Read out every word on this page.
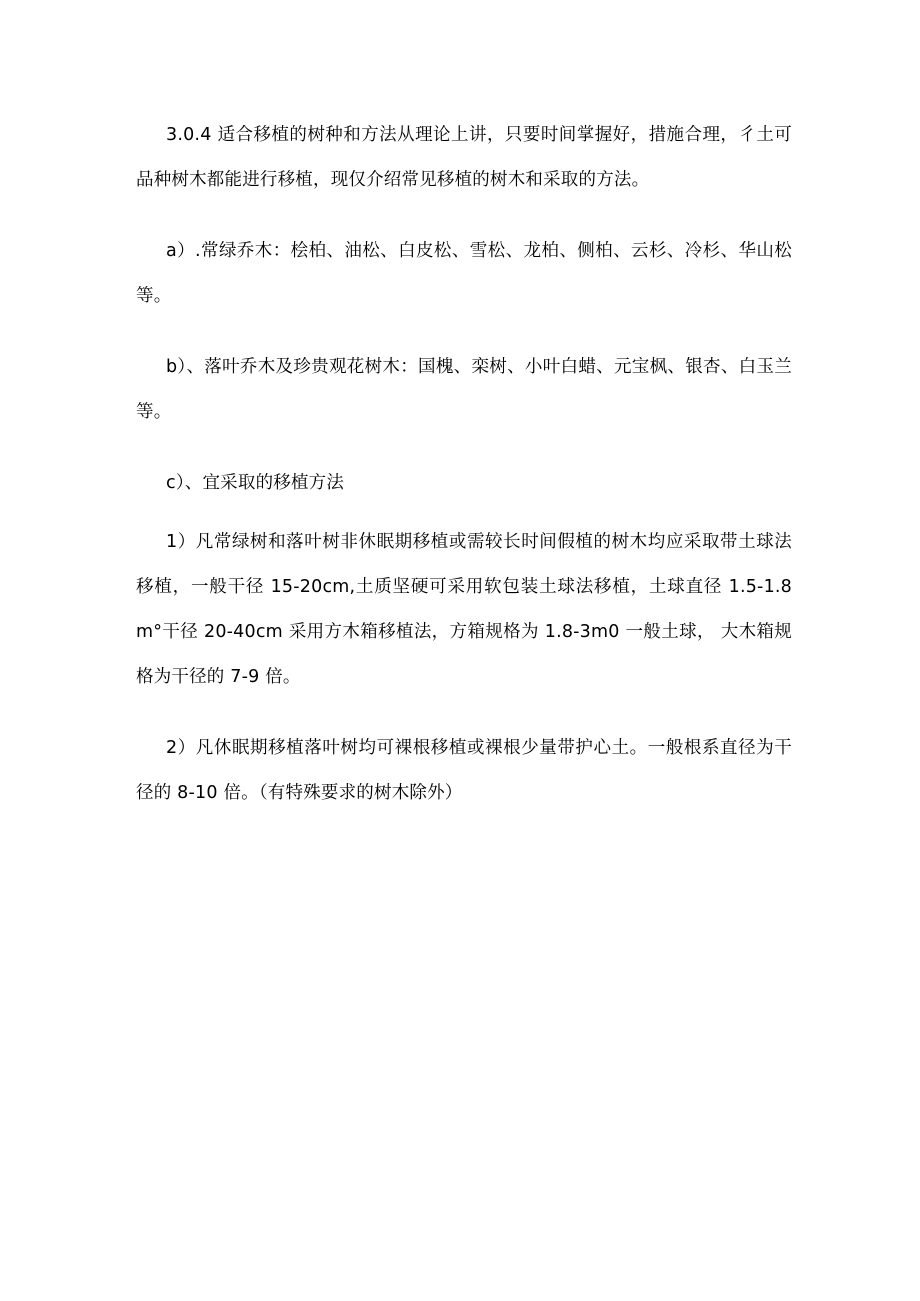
3.0.4 适合移植的树种和方法从理论上讲，只要时间掌握好，措施合理，彳土可品种树木都能进行移植，现仅介绍常见移植的树木和采取的方法。

a）.常绿乔木：桧柏、油松、白皮松、雪松、龙柏、侧柏、云杉、冷杉、华山松等。

b）、落叶乔木及珍贵观花树木：国槐、栾树、小叶白蜡、元宝枫、银杏、白玉兰等。

c）、宜采取的移植方法

1）凡常绿树和落叶树非休眠期移植或需较长时间假植的树木均应采取带土球法移植，一般干径 15-20cm,土质坚硬可采用软包装土球法移植，土球直径 1.5-1.8m°干径 20-40cm 采用方木箱移植法，方箱规格为 1.8-3m0 一般土球， 大木箱规格为干径的 7-9 倍。

2）凡休眠期移植落叶树均可裸根移植或裸根少量带护心土。一般根系直径为干径的 8-10 倍。（有特殊要求的树木除外）
